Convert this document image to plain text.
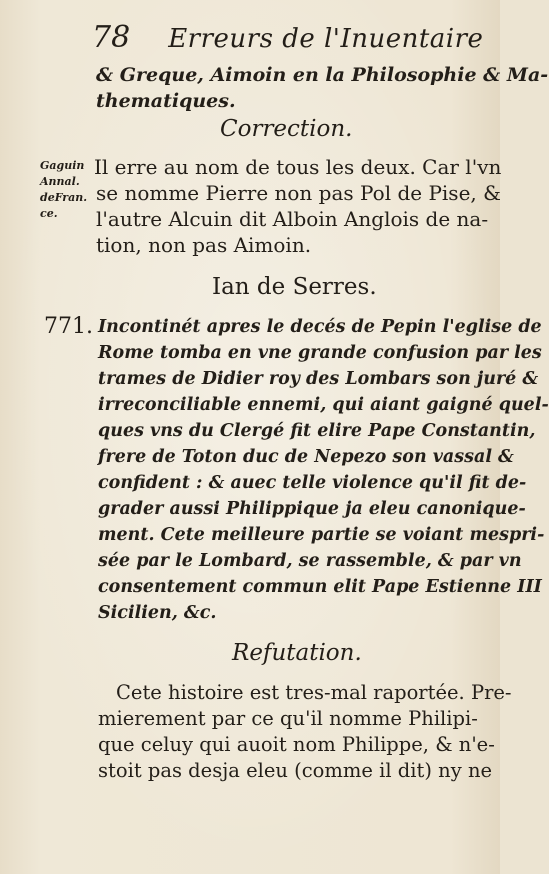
78 Erreurs de l'Inuentaire
& Greque, Aimoin en la Philosophie & Ma-
thematiques.
Correction.
Gaguin
Annal.
deFran.
ce.
Il erre au nom de tous les deux. Car l'vn
se nomme Pierre non pas Pol de Pise, &
l'autre Alcuin dit Alboin Anglois de na-
tion, non pas Aimoin.
Ian de Serres.
771. Incontinét apres le decés de Pepin l'eglise de
Rome tomba en vne grande confusion par les
trames de Didier roy des Lombars son juré &
irreconciliable ennemi, qui aiant gaigné quel-
ques vns du Clergé fit elire Pape Constantin,
frere de Toton duc de Nepezo son vassal &
confident : & auec telle violence qu'il fit de-
grader aussi Philippique ja eleu canonique-
ment. Cete meilleure partie se voiant mespri-
sée par le Lombard, se rassemble, & par vn
consentement commun elit Pape Estienne III
Sicilien, &c.
Refutation.
Cete histoire est tres-mal raportée. Pre-
mierement par ce qu'il nomme Philipi-
que celuy qui auoit nom Philippe, & n'e-
stoit pas desja eleu (comme il dit) ny ne
